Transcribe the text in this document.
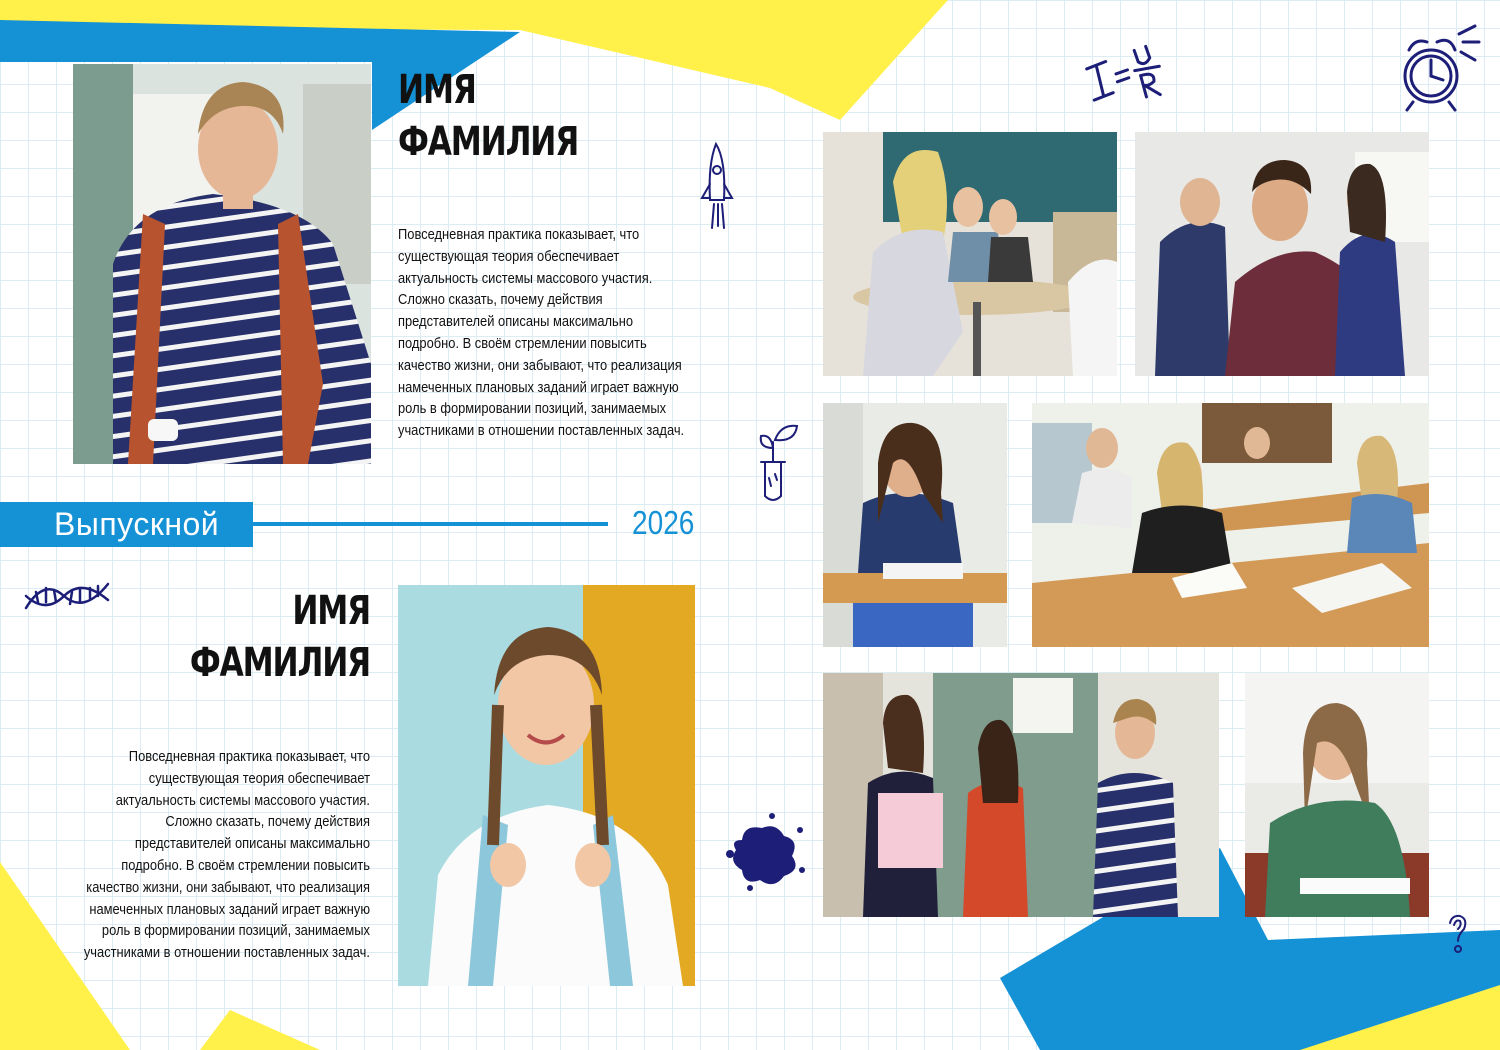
ИМЯ
ФАМИЛИЯ
Повседневная практика показывает, что существующая теория обеспечивает актуальность системы массового участия. Сложно сказать, почему действия представителей описаны максимально подробно. В своём стремлении повысить качество жизни, они забывают, что реализация намеченных плановых заданий играет важную роль в формировании позиций, занимаемых участниками в отношении поставленных задач.
Выпускной	2026
ИМЯ
ФАМИЛИЯ
Повседневная практика показывает, что существующая теория обеспечивает актуальность системы массового участия. Сложно сказать, почему действия представителей описаны максимально подробно. В своём стремлении повысить качество жизни, они забывают, что реализация намеченных плановых заданий играет важную роль в формировании позиций, занимаемых участниками в отношении поставленных задач.
